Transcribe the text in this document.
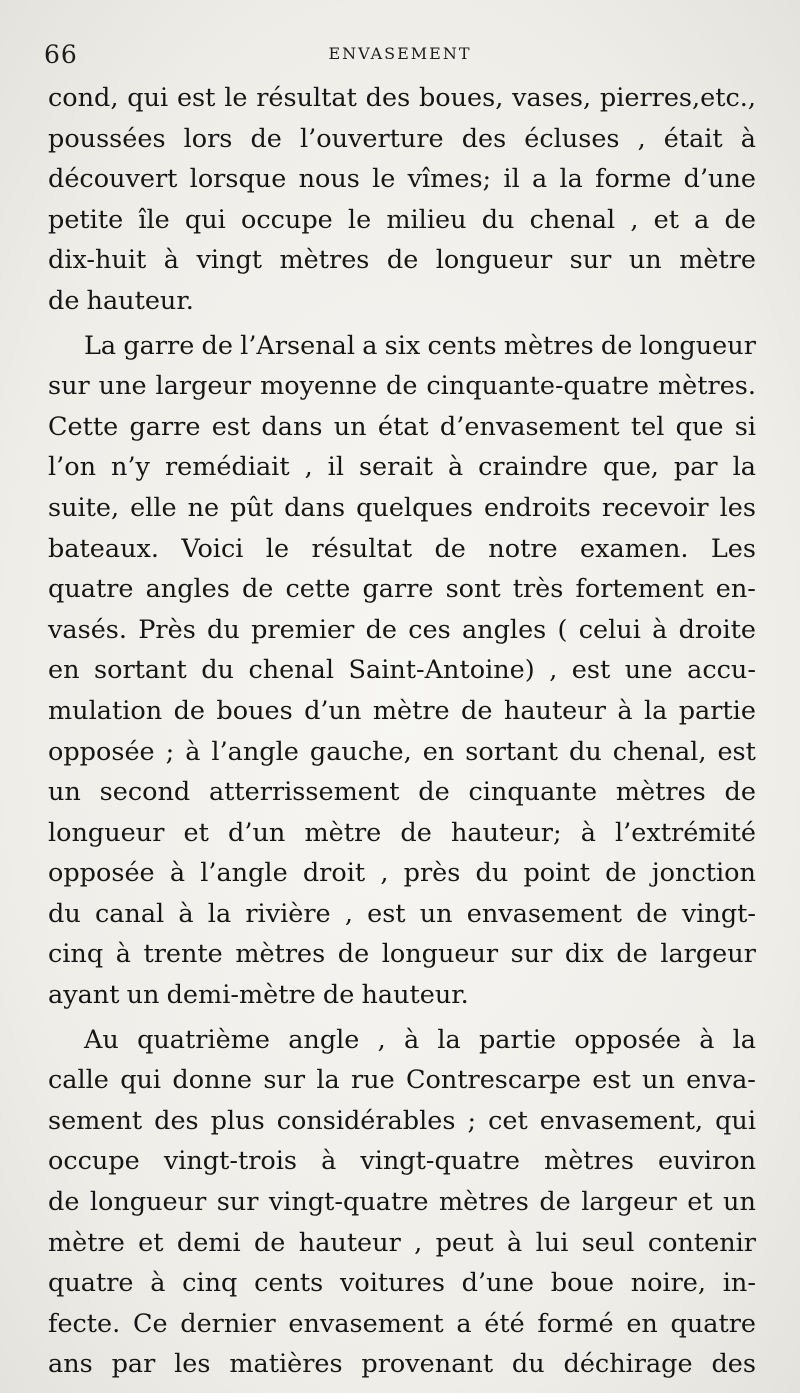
66	ENVASEMENT
cond, qui est le résultat des boues, vases, pierres,etc.,
poussées lors de l’ouverture des écluses , était à
découvert lorsque nous le vîmes; il a la forme d’une
petite île qui occupe le milieu du chenal , et a de
dix-huit à vingt mètres de longueur sur un mètre
de hauteur.
La garre de l’Arsenal a six cents mètres de longueur
sur une largeur moyenne de cinquante-quatre mètres.
Cette garre est dans un état d’envasement tel que si
l’on n’y remédiait , il serait à craindre que, par la
suite, elle ne pût dans quelques endroits recevoir les
bateaux. Voici le résultat de notre examen. Les
quatre angles de cette garre sont très fortement en-
vasés. Près du premier de ces angles ( celui à droite
en sortant du chenal Saint-Antoine) , est une accu-
mulation de boues d’un mètre de hauteur à la partie
opposée ; à l’angle gauche, en sortant du chenal, est
un second atterrissement de cinquante mètres de
longueur et d’un mètre de hauteur; à l’extrémité
opposée à l’angle droit , près du point de jonction
du canal à la rivière , est un envasement de vingt-
cinq à trente mètres de longueur sur dix de largeur
ayant un demi-mètre de hauteur.
Au quatrième angle , à la partie opposée à la
calle qui donne sur la rue Contrescarpe est un enva-
sement des plus considérables ; cet envasement, qui
occupe vingt-trois à vingt-quatre mètres euviron
de longueur sur vingt-quatre mètres de largeur et un
mètre et demi de hauteur , peut à lui seul contenir
quatre à cinq cents voitures d’une boue noire, in-
fecte. Ce dernier envasement a été formé en quatre
ans par les matières provenant du déchirage des
